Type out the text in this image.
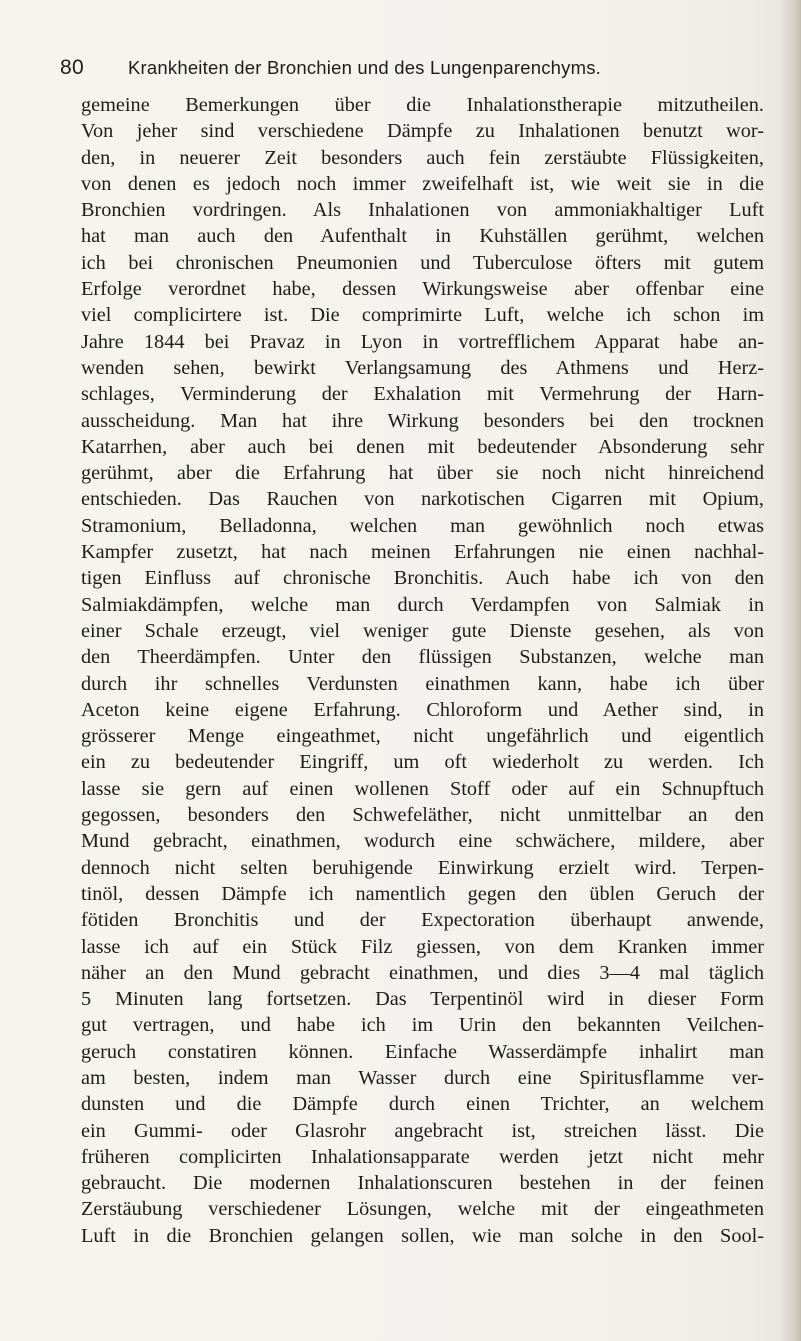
80 Krankheiten der Bronchien und des Lungenparenchyms.
gemeine Bemerkungen über die Inhalationstherapie mitzutheilen.
Von jeher sind verschiedene Dämpfe zu Inhalationen benutzt wor-
den, in neuerer Zeit besonders auch fein zerstäubte Flüssigkeiten,
von denen es jedoch noch immer zweifelhaft ist, wie weit sie in die
Bronchien vordringen. Als Inhalationen von ammoniakhaltiger Luft
hat man auch den Aufenthalt in Kuhställen gerühmt, welchen
ich bei chronischen Pneumonien und Tuberculose öfters mit gutem
Erfolge verordnet habe, dessen Wirkungsweise aber offenbar eine
viel complicirtere ist. Die comprimirte Luft, welche ich schon im
Jahre 1844 bei Pravaz in Lyon in vortrefflichem Apparat habe an-
wenden sehen, bewirkt Verlangsamung des Athmens und Herz-
schlages, Verminderung der Exhalation mit Vermehrung der Harn-
ausscheidung. Man hat ihre Wirkung besonders bei den trocknen
Katarrhen, aber auch bei denen mit bedeutender Absonderung sehr
gerühmt, aber die Erfahrung hat über sie noch nicht hinreichend
entschieden. Das Rauchen von narkotischen Cigarren mit Opium,
Stramonium, Belladonna, welchen man gewöhnlich noch etwas
Kampfer zusetzt, hat nach meinen Erfahrungen nie einen nachhal-
tigen Einfluss auf chronische Bronchitis. Auch habe ich von den
Salmiakdämpfen, welche man durch Verdampfen von Salmiak in
einer Schale erzeugt, viel weniger gute Dienste gesehen, als von
den Theerdämpfen. Unter den flüssigen Substanzen, welche man
durch ihr schnelles Verdunsten einathmen kann, habe ich über
Aceton keine eigene Erfahrung. Chloroform und Aether sind, in
grösserer Menge eingeathmet, nicht ungefährlich und eigentlich
ein zu bedeutender Eingriff, um oft wiederholt zu werden. Ich
lasse sie gern auf einen wollenen Stoff oder auf ein Schnupftuch
gegossen, besonders den Schwefeläther, nicht unmittelbar an den
Mund gebracht, einathmen, wodurch eine schwächere, mildere, aber
dennoch nicht selten beruhigende Einwirkung erzielt wird. Terpen-
tinöl, dessen Dämpfe ich namentlich gegen den üblen Geruch der
fötiden Bronchitis und der Expectoration überhaupt anwende,
lasse ich auf ein Stück Filz giessen, von dem Kranken immer
näher an den Mund gebracht einathmen, und dies 3—4 mal täglich
5 Minuten lang fortsetzen. Das Terpentinöl wird in dieser Form
gut vertragen, und habe ich im Urin den bekannten Veilchen-
geruch constatiren können. Einfache Wasserdämpfe inhalirt man
am besten, indem man Wasser durch eine Spiritusflamme ver-
dunsten und die Dämpfe durch einen Trichter, an welchem
ein Gummi- oder Glasrohr angebracht ist, streichen lässt. Die
früheren complicirten Inhalationsapparate werden jetzt nicht mehr
gebraucht. Die modernen Inhalationscuren bestehen in der feinen
Zerstäubung verschiedener Lösungen, welche mit der eingeathmeten
Luft in die Bronchien gelangen sollen, wie man solche in den Sool-
